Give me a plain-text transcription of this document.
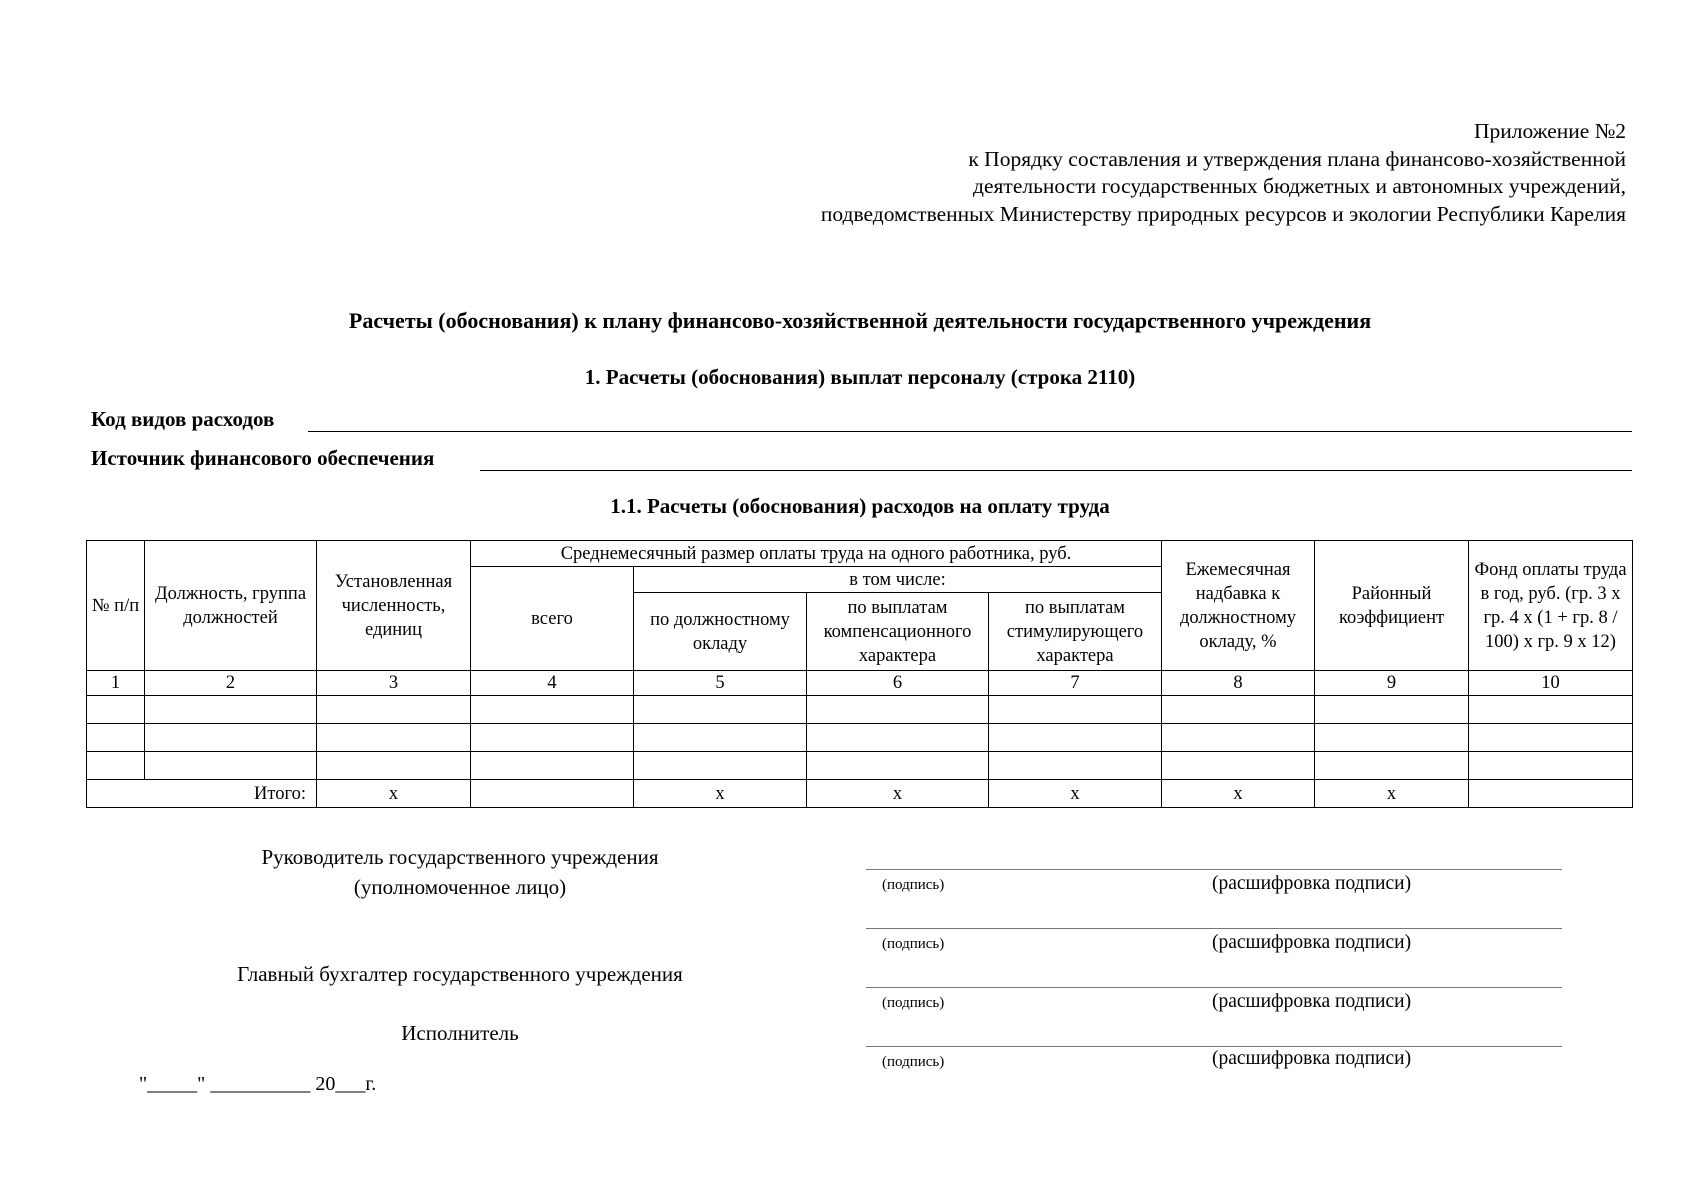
Приложение №2
к Порядку составления и утверждения плана финансово-хозяйственной
деятельности государственных бюджетных и автономных учреждений,
подведомственных Министерству природных ресурсов и экологии Республики Карелия
Расчеты (обоснования) к плану финансово-хозяйственной деятельности государственного учреждения
1. Расчеты (обоснования) выплат персоналу (строка 2110)
Код видов расходов
Источник финансового обеспечения
1.1. Расчеты (обоснования) расходов на оплату труда
№ п/п	Должность, группа должностей	Установленная численность, единиц	Среднемесячный размер оплаты труда на одного работника, руб.				Ежемесячная надбавка к должностному окладу, %	Районный коэффициент	Фонд оплаты труда в год, руб. (гр. 3 х гр. 4 х (1 + гр. 8 / 100) х гр. 9 х 12)
			всего	в том числе:					
				по должностному окладу	по выплатам компенсационного характера	по выплатам стимулирующего характера			
1	2	3	4	5	6	7	8	9	10

Итого:		x		x	x	x	x	x	
Руководитель государственного учреждения
(уполномоченное лицо)
Главный бухгалтер государственного учреждения
Исполнитель
"_____" __________ 20___г.
(подпись)	(расшифровка подписи)
(подпись)	(расшифровка подписи)
(подпись)	(расшифровка подписи)
(подпись)	(расшифровка подписи)
